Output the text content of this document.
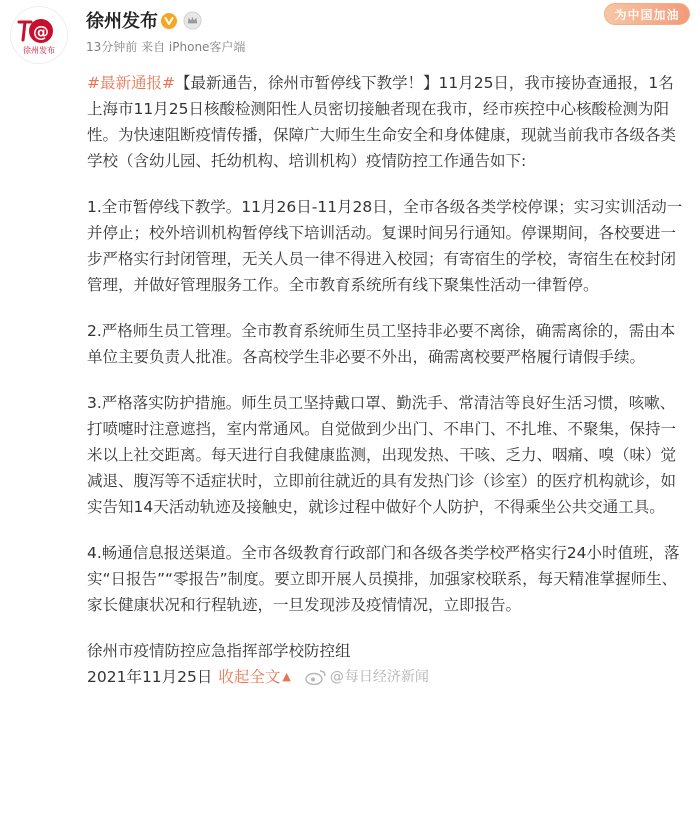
@
徐州发布
徐州发布
13分钟前 来自 iPhone客户端
为中国加油

#最新通报#【最新通告，徐州市暂停线下教学！】11月25日，我市接协查通报，1名上海市11月25日核酸检测阳性人员密切接触者现在我市，经市疾控中心核酸检测为阳性。为快速阻断疫情传播，保障广大师生生命安全和身体健康，现就当前我市各级各类学校（含幼儿园、托幼机构、培训机构）疫情防控工作通告如下:

1.全市暂停线下教学。11月26日-11月28日，全市各级各类学校停课；实习实训活动一并停止；校外培训机构暂停线下培训活动。复课时间另行通知。停课期间，各校要进一步严格实行封闭管理，无关人员一律不得进入校园；有寄宿生的学校，寄宿生在校封闭管理，并做好管理服务工作。全市教育系统所有线下聚集性活动一律暂停。

2.严格师生员工管理。全市教育系统师生员工坚持非必要不离徐，确需离徐的，需由本单位主要负责人批准。各高校学生非必要不外出，确需离校要严格履行请假手续。

3.严格落实防护措施。师生员工坚持戴口罩、勤洗手、常清洁等良好生活习惯，咳嗽、打喷嚏时注意遮挡，室内常通风。自觉做到少出门、不串门、不扎堆、不聚集，保持一米以上社交距离。每天进行自我健康监测，出现发热、干咳、乏力、咽痛、嗅（味）觉减退、腹泻等不适症状时，立即前往就近的具有发热门诊（诊室）的医疗机构就诊，如实告知14天活动轨迹及接触史，就诊过程中做好个人防护，不得乘坐公共交通工具。

4.畅通信息报送渠道。全市各级教育行政部门和各级各类学校严格实行24小时值班，落实“日报告”“零报告”制度。要立即开展人员摸排，加强家校联系，每天精准掌握师生、家长健康状况和行程轨迹，一旦发现涉及疫情情况，立即报告。

徐州市疫情防控应急指挥部学校防控组

2021年11月25日 收起全文 ▲	@ 每日经济新闻
